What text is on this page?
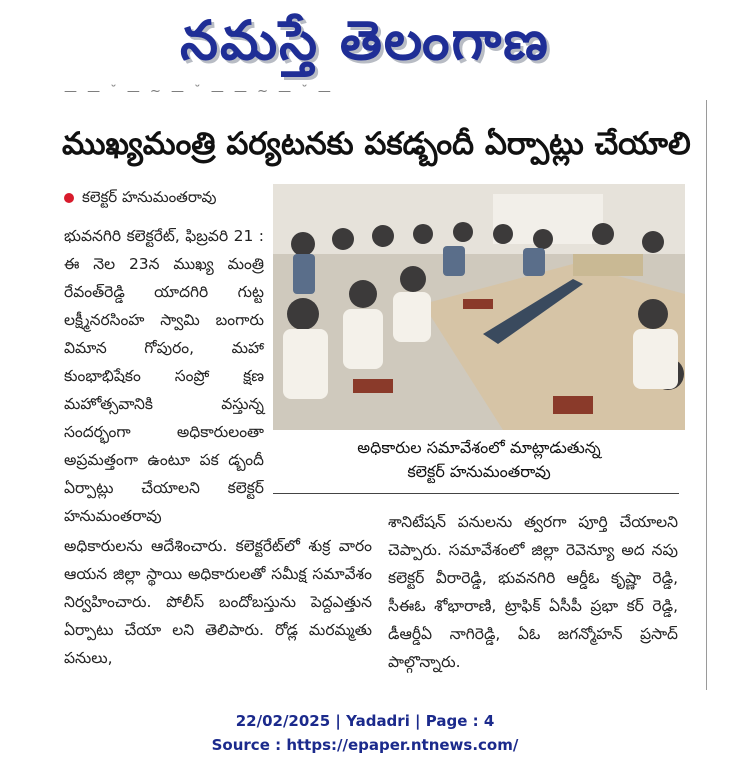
నమస్తే తెలంగాణ
— — ˘ — ~ — ˘ — — ~ — ˘ —
ముఖ్యమంత్రి పర్యటనకు పకడ్బందీ ఏర్పాట్లు చేయాలి
కలెక్టర్ హనుమంతరావు
భువనగిరి కలెక్టరేట్, ఫిబ్రవరి 21 : ఈ నెల 23న ముఖ్య మంత్రి రేవంత్‌రెడ్డి యాదగిరి గుట్ట లక్ష్మీనరసింహ స్వామి బంగారు విమాన గోపురం, మహా కుంభాభిషేకం సంప్రో క్షణ మహోత్సవానికి వస్తున్న సందర్భంగా అధికారులంతా అప్రమత్తంగా ఉంటూ పక డ్బందీ ఏర్పాట్లు చేయాలని కలెక్టర్ హనుమంతరావు
అధికారుల సమావేశంలో మాట్లాడుతున్న
కలెక్టర్ హనుమంతరావు
అధికారులను ఆదేశించారు. కలెక్టరేట్‌లో శుక్ర వారం ఆయన జిల్లా స్థాయి అధికారులతో సమీక్ష సమావేశం నిర్వహించారు. పోలీస్ బందోబస్తును పెద్దఎత్తున ఏర్పాటు చేయా లని తెలిపారు. రోడ్ల మరమ్మతు పనులు,
శానిటేషన్ పనులను త్వరగా పూర్తి చేయాలని చెప్పారు. సమావేశంలో జిల్లా రెవెన్యూ అద నపు కలెక్టర్ వీరారెడ్డి, భువనగిరి ఆర్డీఓ కృష్ణా రెడ్డి, సీఈఓ శోభారాణి, ట్రాఫిక్ ఏసీపీ ప్రభా కర్ రెడ్డి, డీఆర్డీఏ నాగిరెడ్డి, ఏఓ జగన్మోహన్ ప్రసాద్ పాల్గొన్నారు.
22/02/2025 | Yadadri | Page : 4
Source : https://epaper.ntnews.com/
